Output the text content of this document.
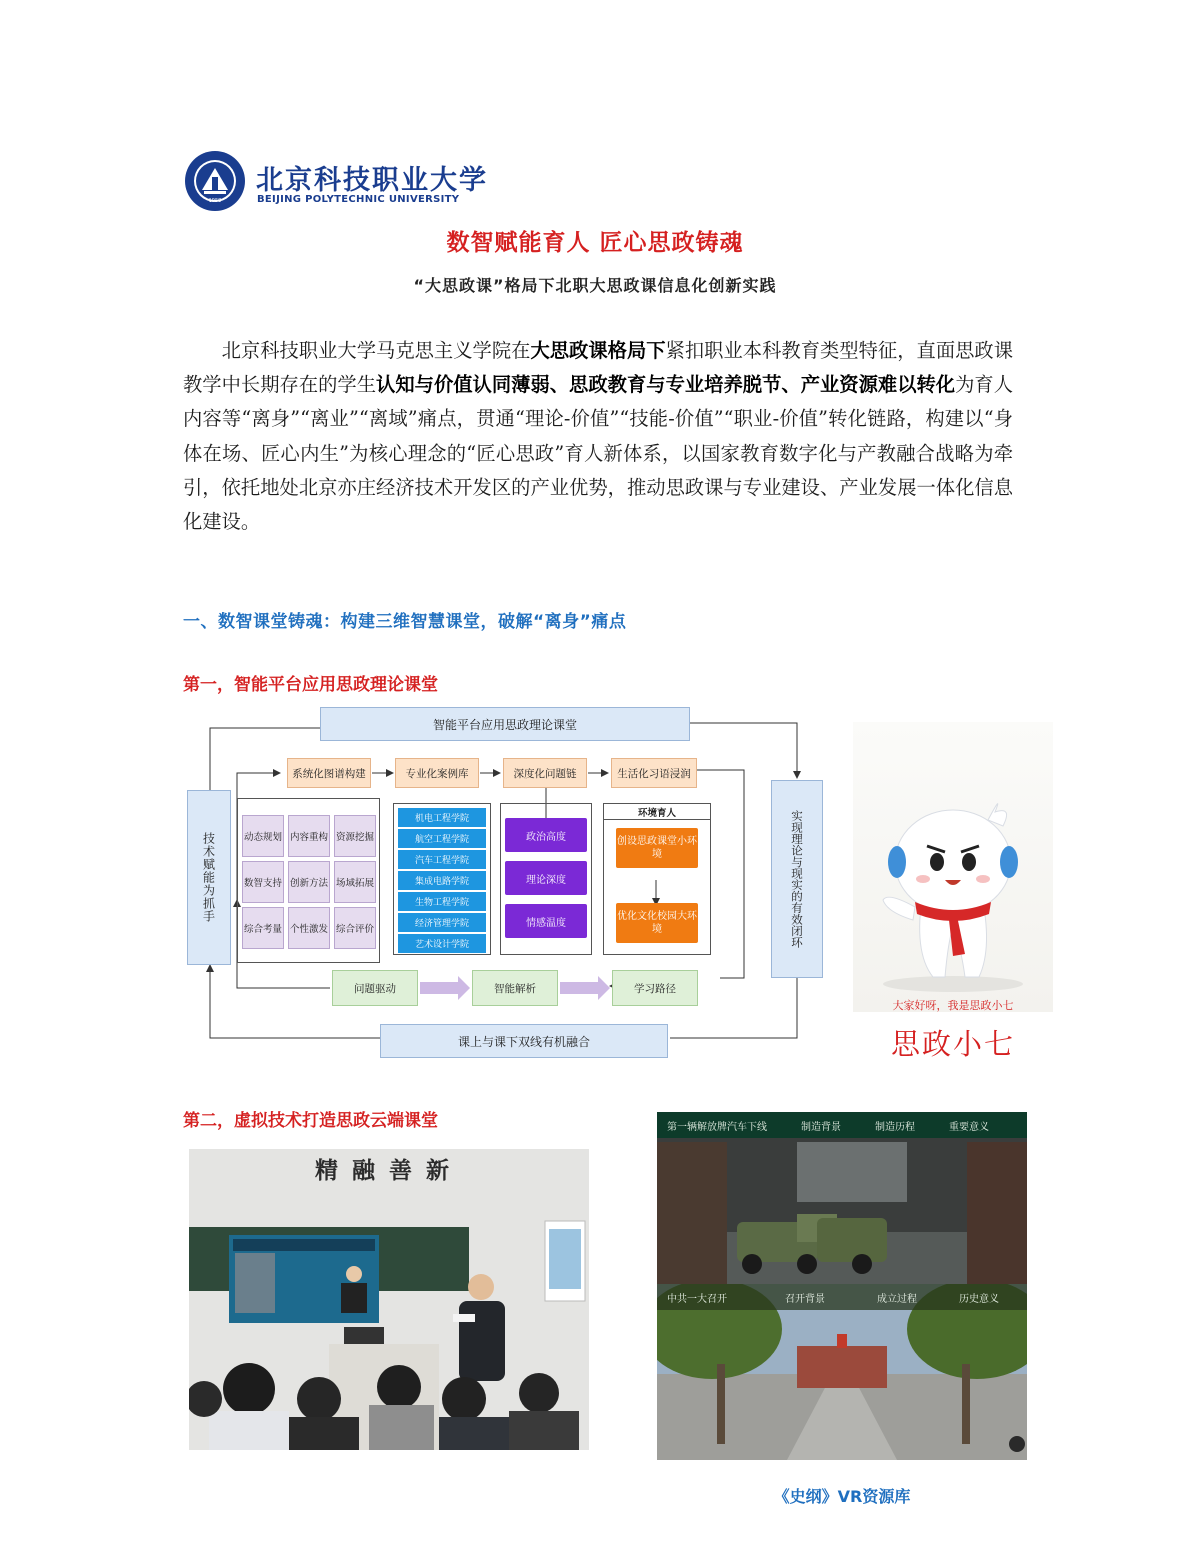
1958
北京科技职业大学
BEIJING POLYTECHNIC UNIVERSITY
数智赋能育人 匠心思政铸魂
“大思政课”格局下北职大思政课信息化创新实践

北京科技职业大学马克思主义学院在大思政课格局下紧扣职业本科教育类型特征，直面思政课教学中长期存在的学生认知与价值认同薄弱、思政教育与专业培养脱节、产业资源难以转化为育人内容等“离身”“离业”“离域”痛点，贯通“理论-价值”“技能-价值”“职业-价值”转化链路，构建以“身体在场、匠心内生”为核心理念的“匠心思政”育人新体系，以国家教育数字化与产教融合战略为牵引，依托地处北京亦庄经济技术开发区的产业优势，推动思政课与专业建设、产业发展一体化信息化建设。

一、数智课堂铸魂：构建三维智慧课堂，破解“离身”痛点
第一，智能平台应用思政理论课堂
智能平台应用思政理论课堂
课上与课下双线有机融合
技术赋能为抓手	实现理论与现实的有效闭环
系统化图谱构建	专业化案例库	深度化问题链	生活化习语浸润
动态规划 内容重构 资源挖掘
数智支持 创新方法 场域拓展
综合考量 个性激发 综合评价
机电工程学院
航空工程学院
汽车工程学院
集成电路学院
生物工程学院
经济管理学院
艺术设计学院
政治高度
理论深度
情感温度
环境育人
创设思政课堂小环境
优化文化校园大环境
问题驱动	智能解析	学习路径
大家好呀，我是思政小七
思政小七
第二，虚拟技术打造思政云端课堂
精融善新
第一辆解放牌汽车下线	制造背景	制造历程	重要意义
中共一大召开	召开背景	成立过程	历史意义
《史纲》VR资源库
